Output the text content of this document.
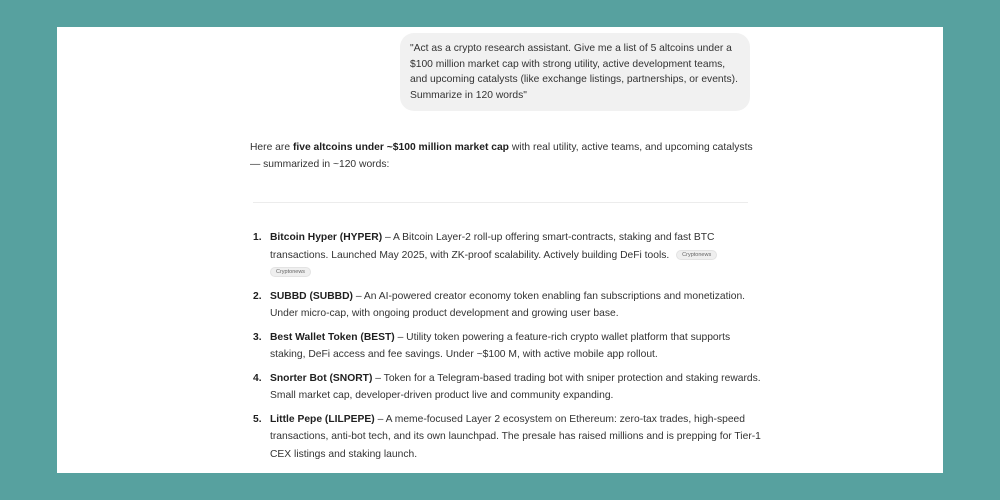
"Act as a crypto research assistant. Give me a list of 5 altcoins under a $100 million market cap with strong utility, active development teams, and upcoming catalysts (like exchange listings, partnerships, or events). Summarize in 120 words"
Here are five altcoins under ~$100 million market cap with real utility, active teams, and upcoming catalysts — summarized in ~120 words:
1. Bitcoin Hyper (HYPER) – A Bitcoin Layer-2 roll-up offering smart-contracts, staking and fast BTC transactions. Launched May 2025, with ZK-proof scalability. Actively building DeFi tools. Cryptonews
Cryptonews
2. SUBBD (SUBBD) – An AI-powered creator economy token enabling fan subscriptions and monetization. Under micro-cap, with ongoing product development and growing user base.
3. Best Wallet Token (BEST) – Utility token powering a feature-rich crypto wallet platform that supports staking, DeFi access and fee savings. Under ~$100 M, with active mobile app rollout.
4. Snorter Bot (SNORT) – Token for a Telegram-based trading bot with sniper protection and staking rewards. Small market cap, developer-driven product live and community expanding.
5. Little Pepe (LILPEPE) – A meme-focused Layer 2 ecosystem on Ethereum: zero-tax trades, high-speed transactions, anti-bot tech, and its own launchpad. The presale has raised millions and is prepping for Tier-1 CEX listings and staking launch.
